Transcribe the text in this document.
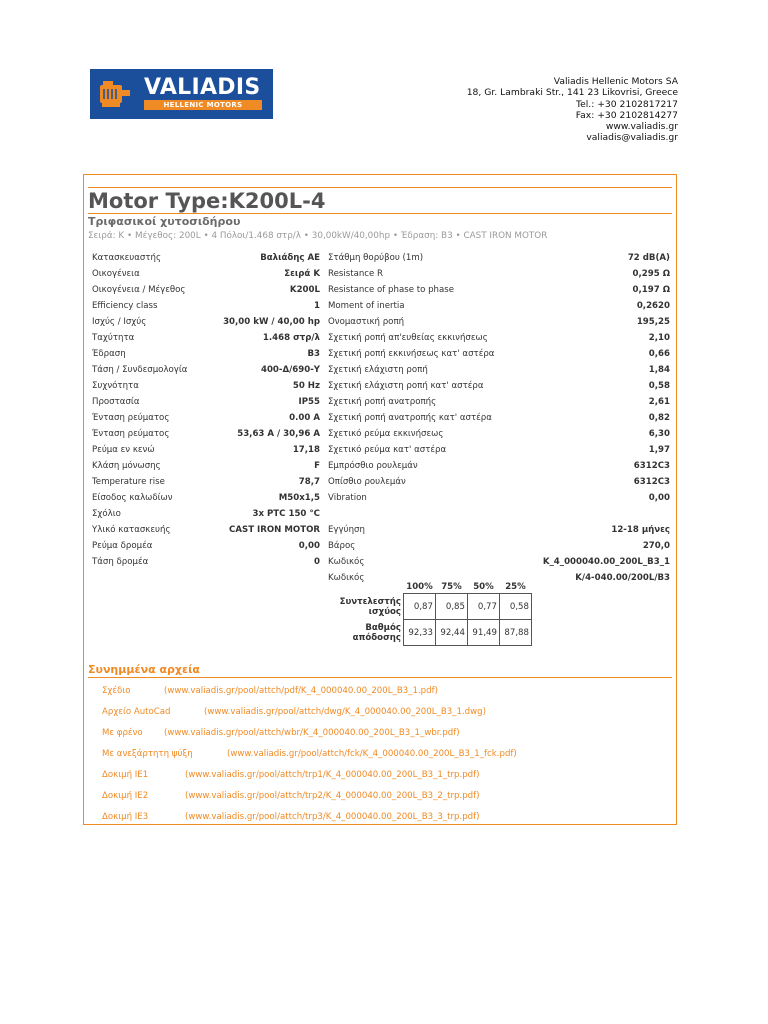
VALIADIS
HELLENIC MOTORS
Valiadis Hellenic Motors SA
18, Gr. Lambraki Str., 141 23 Likovrisi, Greece
Tel.: +30 2102817217
Fax: +30 2102814277
www.valiadis.gr
valiadis@valiadis.gr
Motor Type:K200L-4
Τριφασικοί χυτοσιδήρου
Σειρά: K • Μέγεθος: 200L • 4 Πόλοι/1.468 στρ/λ • 30,00kW/40,00hp • Έδραση: B3 • CAST IRON MOTOR
Κατασκευαστής	Βαλιάδης ΑΕ
Οικογένεια	Σειρά K
Οικογένεια / Μέγεθος	K200L
Efficiency class	1
Ισχύς / Ισχύς	30,00 kW / 40,00 hp
Ταχύτητα	1.468 στρ/λ
Έδραση	B3
Τάση / Συνδεσμολογία	400-Δ/690-Y
Συχνότητα	50 Hz
Προστασία	IP55
Ένταση ρεύματος	0.00 A
Ένταση ρεύματος	53,63 A / 30,96 A
Ρεύμα εν κενώ	17,18
Κλάση μόνωσης	F
Temperature rise	78,7
Είσοδος καλωδίων	M50x1,5
Σχόλιο	3x PTC 150 °C
Υλικό κατασκευής	CAST IRON MOTOR
Ρεύμα δρομέα	0,00
Τάση δρομέα	0
Στάθμη θορύβου (1m)	72 dB(A)
Resistance R	0,295 Ω
Resistance of phase to phase	0,197 Ω
Moment of inertia	0,2620
Ονομαστική ροπή	195,25
Σχετική ροπή απ'ευθείας εκκινήσεως	2,10
Σχετική ροπή εκκινήσεως κατ' αστέρα	0,66
Σχετική ελάχιστη ροπή	1,84
Σχετική ελάχιστη ροπή κατ' αστέρα	0,58
Σχετική ροπή ανατροπής	2,61
Σχετική ροπή ανατροπής κατ' αστέρα	0,82
Σχετικό ρεύμα εκκινήσεως	6,30
Σχετικό ρεύμα κατ' αστέρα	1,97
Εμπρόσθιο ρουλεμάν	6312C3
Οπίσθιο ρουλεμάν	6312C3
Vibration	0,00
Εγγύηση	12-18 μήνες
Βάρος	270,0
Κωδικός	K_4_000040.00_200L_B3_1
Κωδικός	K/4-040.00/200L/B3
	100%	75%	50%	25%
Συντελεστής ισχύος	0,87	0,85	0,77	0,58
Βαθμός απόδοσης	92,33	92,44	91,49	87,88
Συνημμένα αρχεία
Σχέδιο	(www.valiadis.gr/pool/attch/pdf/K_4_000040.00_200L_B3_1.pdf)
Αρχείο AutoCad	(www.valiadis.gr/pool/attch/dwg/K_4_000040.00_200L_B3_1.dwg)
Με φρένο (www.valiadis.gr/pool/attch/wbr/K_4_000040.00_200L_B3_1_wbr.pdf)
Με ανεξάρτητη ψύξη	(www.valiadis.gr/pool/attch/fck/K_4_000040.00_200L_B3_1_fck.pdf)
Δοκιμή IE1	(www.valiadis.gr/pool/attch/trp1/K_4_000040.00_200L_B3_1_trp.pdf)
Δοκιμή IE2	(www.valiadis.gr/pool/attch/trp2/K_4_000040.00_200L_B3_2_trp.pdf)
Δοκιμή IE3	(www.valiadis.gr/pool/attch/trp3/K_4_000040.00_200L_B3_3_trp.pdf)
